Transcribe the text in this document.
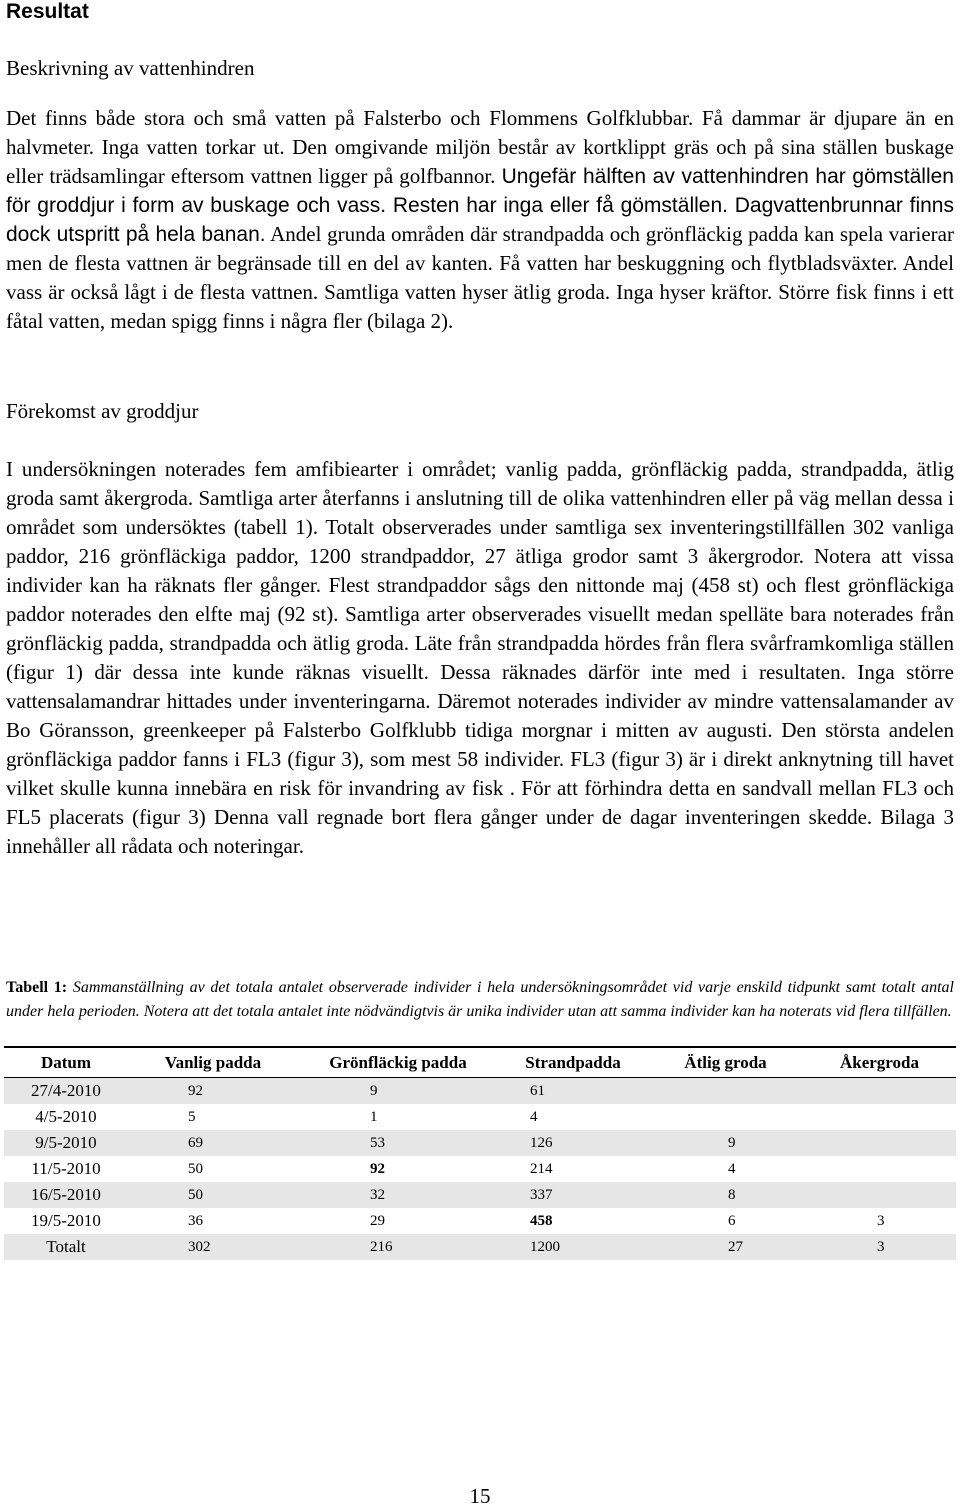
Resultat
Beskrivning av vattenhindren

Det finns både stora och små vatten på Falsterbo och Flommens Golfklubbar. Få dammar är djupare än en halvmeter. Inga vatten torkar ut. Den omgivande miljön består av kortklippt gräs och på sina ställen buskage eller trädsamlingar eftersom vattnen ligger på golfbannor. Ungefär hälften av vattenhindren har gömställen för groddjur i form av buskage och vass. Resten har inga eller få gömställen. Dagvattenbrunnar finns dock utspritt på hela banan. Andel grunda områden där strandpadda och grönfläckig padda kan spela varierar men de flesta vattnen är begränsade till en del av kanten. Få vatten har beskuggning och flytbladsväxter. Andel vass är också lågt i de flesta vattnen. Samtliga vatten hyser ätlig groda. Inga hyser kräftor. Större fisk finns i ett fåtal vatten, medan spigg finns i några fler (bilaga 2).

Förekomst av groddjur

I undersökningen noterades fem amfibiearter i området; vanlig padda, grönfläckig padda, strandpadda, ätlig groda samt åkergroda. Samtliga arter återfanns i anslutning till de olika vattenhindren eller på väg mellan dessa i området som undersöktes (tabell 1). Totalt observerades under samtliga sex inventeringstillfällen 302 vanliga paddor, 216 grönfläckiga paddor, 1200 strandpaddor, 27 ätliga grodor samt 3 åkergrodor. Notera att vissa individer kan ha räknats fler gånger. Flest strandpaddor sågs den nittonde maj (458 st) och flest grönfläckiga paddor noterades den elfte maj (92 st). Samtliga arter observerades visuellt medan spelläte bara noterades från grönfläckig padda, strandpadda och ätlig groda. Läte från strandpadda hördes från flera svårframkomliga ställen (figur 1) där dessa inte kunde räknas visuellt. Dessa räknades därför inte med i resultaten. Inga större vattensalamandrar hittades under inventeringarna. Däremot noterades individer av mindre vattensalamander av Bo Göransson, greenkeeper på Falsterbo Golfklubb tidiga morgnar i mitten av augusti. Den största andelen grönfläckiga paddor fanns i FL3 (figur 3), som mest 58 individer. FL3 (figur 3) är i direkt anknytning till havet vilket skulle kunna innebära en risk för invandring av fisk . För att förhindra detta en sandvall mellan FL3 och FL5 placerats (figur 3) Denna vall regnade bort flera gånger under de dagar inventeringen skedde. Bilaga 3 innehåller all rådata och noteringar.

Tabell 1: Sammanställning av det totala antalet observerade individer i hela undersökningsområdet vid varje enskild tidpunkt samt totalt antal under hela perioden. Notera att det totala antalet inte nödvändigtvis är unika individer utan att samma individer kan ha noterats vid flera tillfällen.

Datum	Vanlig padda	Grönfläckig padda	Strandpadda	Ätlig groda	Åkergroda
27/4-2010	92	9	61		
4/5-2010	5	1	4		
9/5-2010	69	53	126	9	
11/5-2010	50	92	214	4	
16/5-2010	50	32	337	8	
19/5-2010	36	29	458	6	3
Totalt	302	216	1200	27	3
15
